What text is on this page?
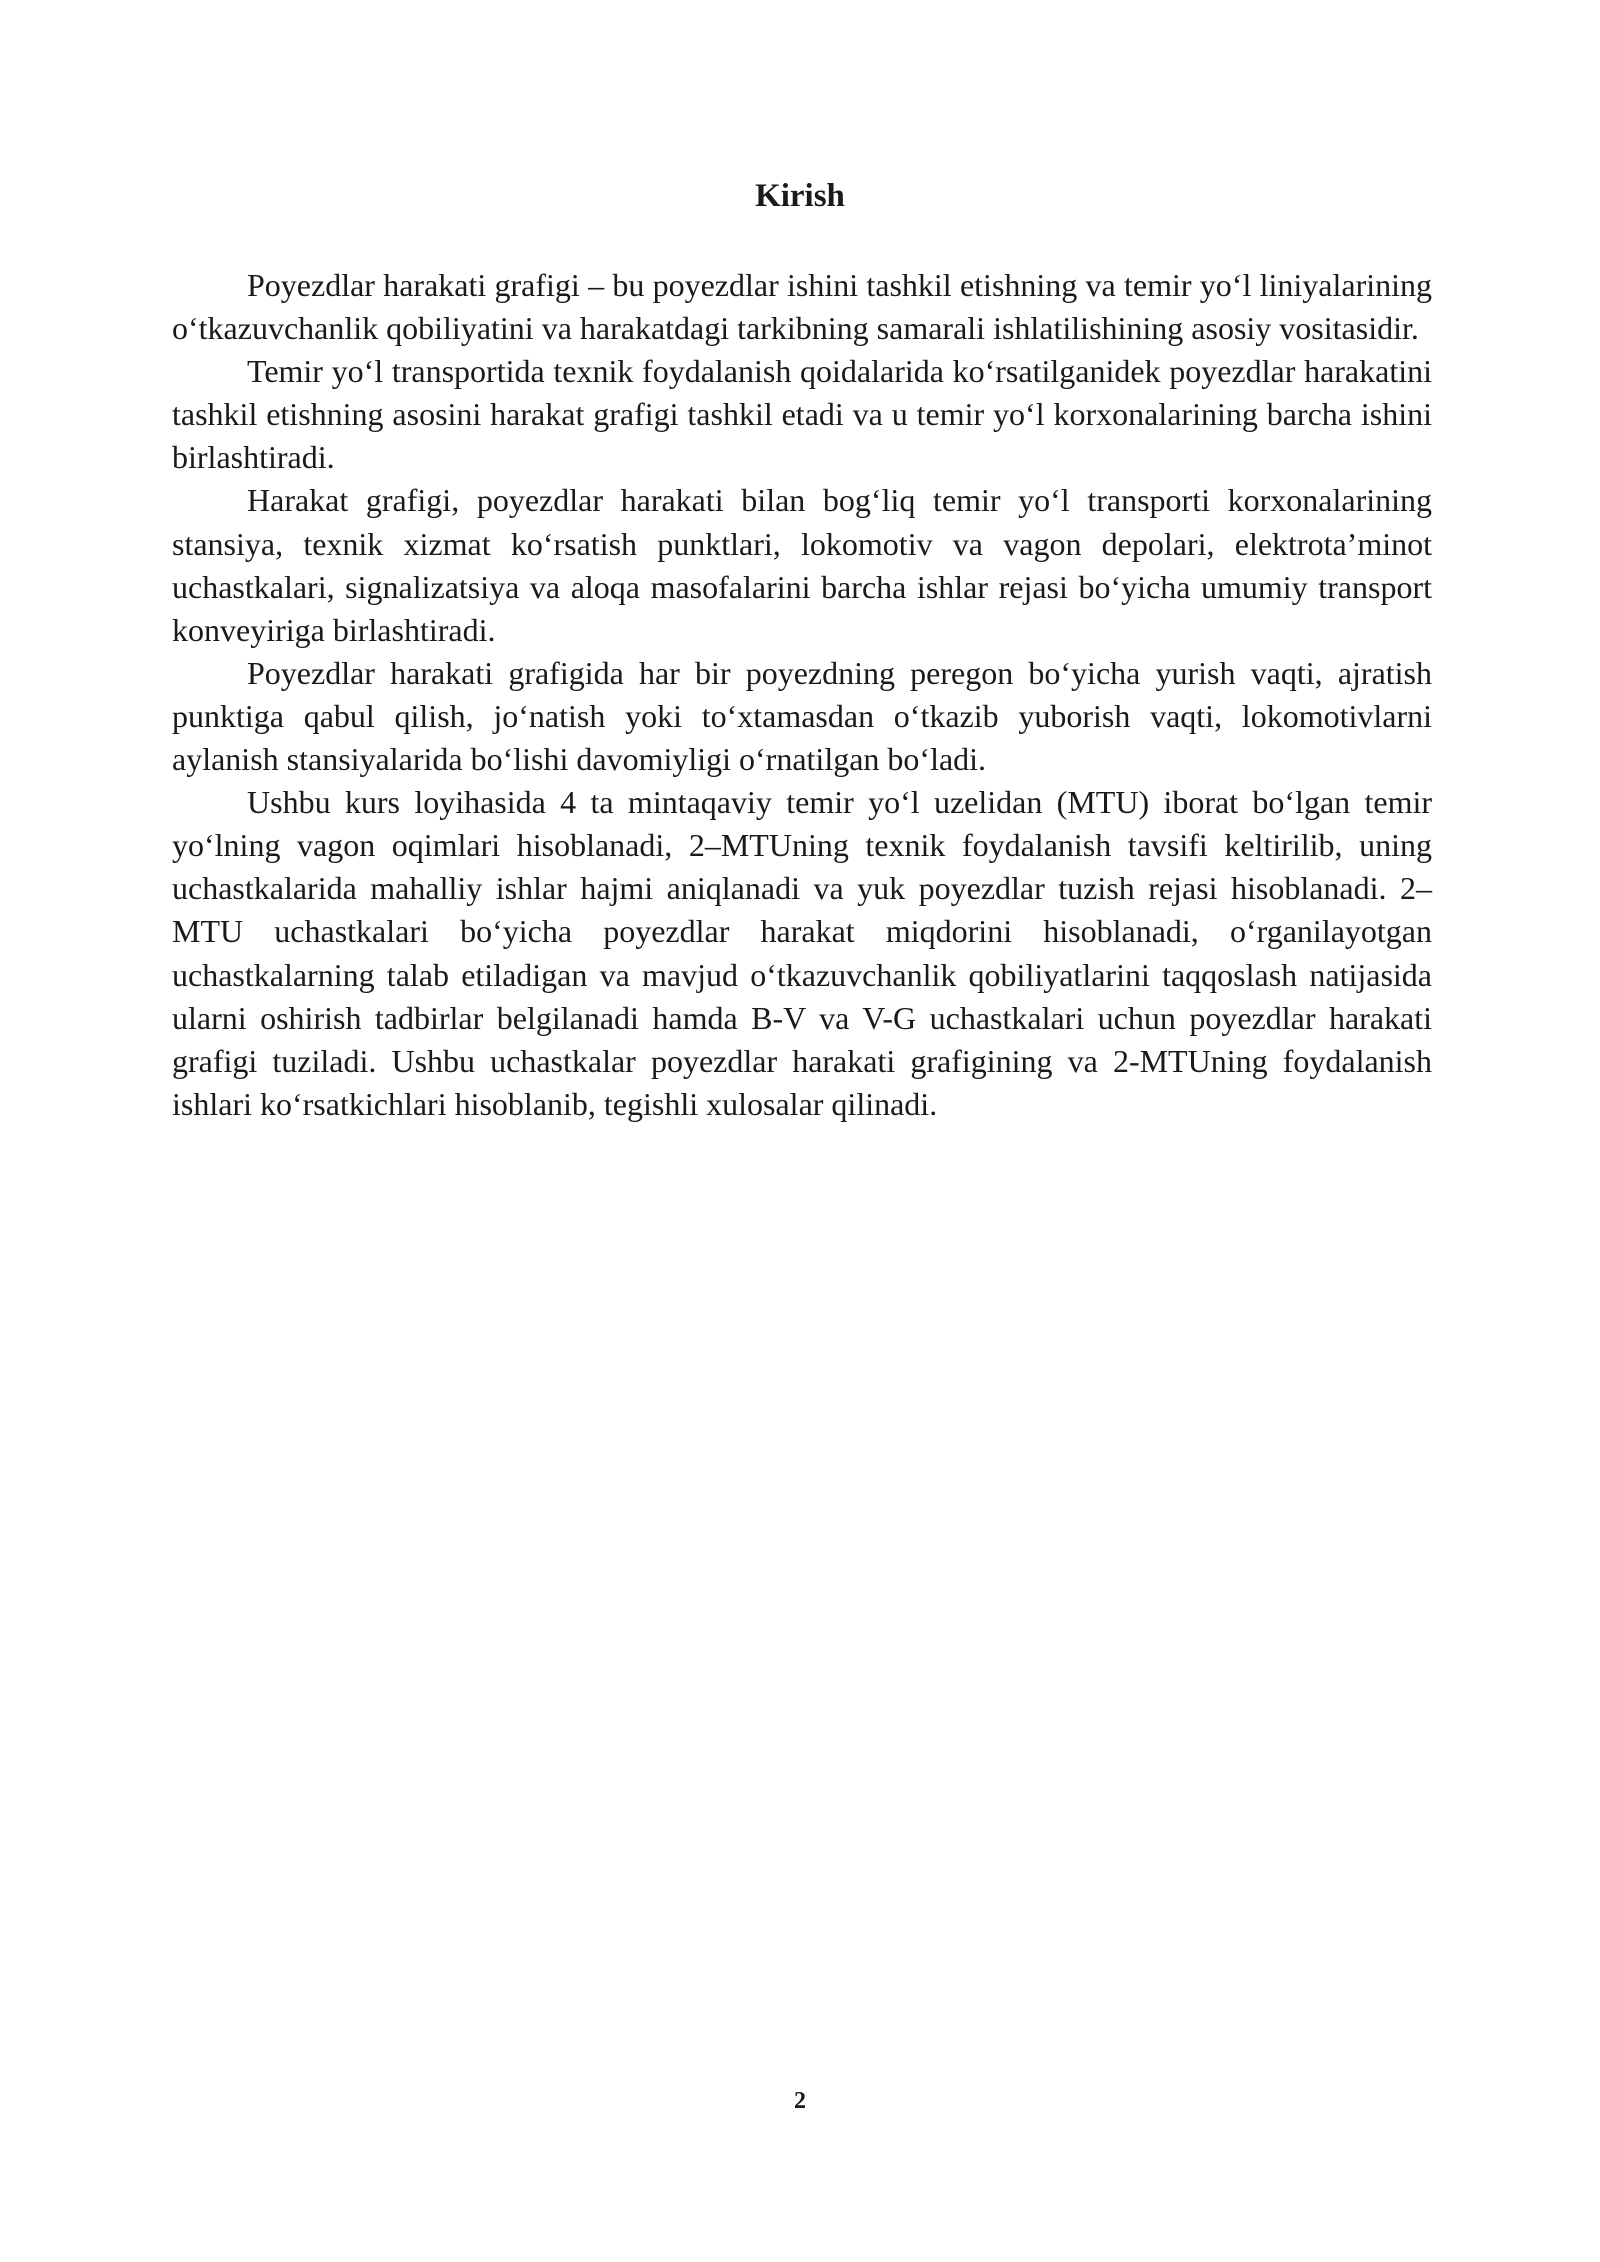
Kirish

Poyezdlar harakati grafigi – bu poyezdlar ishini tashkil etishning va temir yo‘l liniyalarining o‘tkazuvchanlik qobiliyatini va harakatdagi tarkibning samarali ishlatilishining asosiy vositasidir.

Temir yo‘l transportida texnik foydalanish qoidalarida ko‘rsatilganidek poyezdlar harakatini tashkil etishning asosini harakat grafigi tashkil etadi va u temir yo‘l korxonalarining barcha ishini birlashtiradi.

Harakat grafigi, poyezdlar harakati bilan bog‘liq temir yo‘l transporti korxonalarining stansiya, texnik xizmat ko‘rsatish punktlari, lokomotiv va vagon depolari, elektrota’minot uchastkalari, signalizatsiya va aloqa masofalarini barcha ishlar rejasi bo‘yicha umumiy transport konveyiriga birlashtiradi.

Poyezdlar harakati grafigida har bir poyezdning peregon bo‘yicha yurish vaqti, ajratish punktiga qabul qilish, jo‘natish yoki to‘xtamasdan o‘tkazib yuborish vaqti, lokomotivlarni aylanish stansiyalarida bo‘lishi davomiyligi o‘rnatilgan bo‘ladi.

Ushbu kurs loyihasida 4 ta mintaqaviy temir yo‘l uzelidan (MTU) iborat bo‘lgan temir yo‘lning vagon oqimlari hisoblanadi, 2–MTUning texnik foydalanish tavsifi keltirilib, uning uchastkalarida mahalliy ishlar hajmi aniqlanadi va yuk poyezdlar tuzish rejasi hisoblanadi. 2–MTU uchastkalari bo‘yicha poyezdlar harakat miqdorini hisoblanadi, o‘rganilayotgan uchastkalarning talab etiladigan va mavjud o‘tkazuvchanlik qobiliyatlarini taqqoslash natijasida ularni oshirish tadbirlar belgilanadi hamda B-V va V-G uchastkalari uchun poyezdlar harakati grafigi tuziladi. Ushbu uchastkalar poyezdlar harakati grafigining va 2-MTUning foydalanish ishlari ko‘rsatkichlari hisoblanib, tegishli xulosalar qilinadi.

2
